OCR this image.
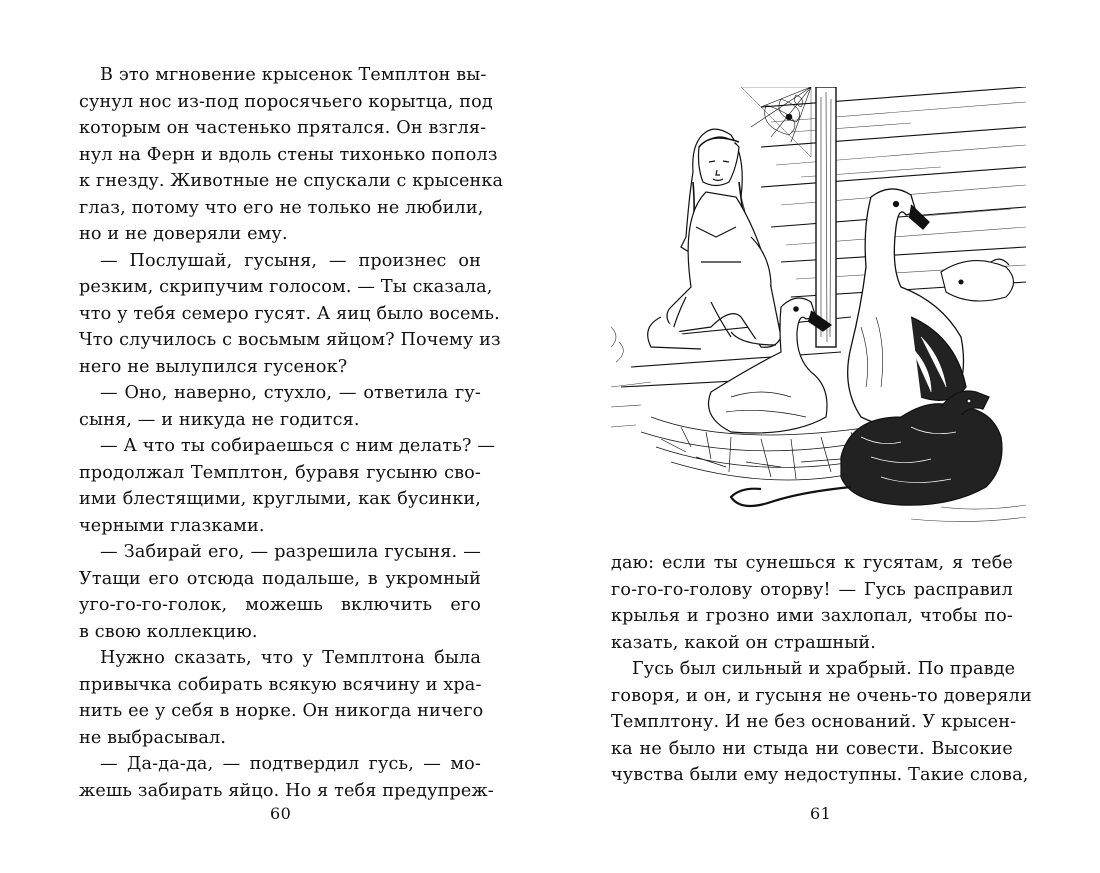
В это мгновение крысенок Темплтон вы-
сунул нос из-под поросячьего корытца, под
которым он частенько прятался. Он взгля-
нул на Ферн и вдоль стены тихонько пополз
к гнезду. Животные не спускали с крысенка
глаз, потому что его не только не любили,
но и не доверяли ему.
— Послушай, гусыня, — произнес он
резким, скрипучим голосом. — Ты сказала,
что у тебя семеро гусят. А яиц было восемь.
Что случилось с восьмым яйцом? Почему из
него не вылупился гусенок?
— Оно, наверно, стухло, — ответила гу-
сыня, — и никуда не годится.
— А что ты собираешься с ним делать? —
продолжал Темплтон, буравя гусыню сво-
ими блестящими, круглыми, как бусинки,
черными глазками.
— Забирай его, — разрешила гусыня. —
Утащи его отсюда подальше, в укромный
уго-го-го-голок, можешь включить его
в свою коллекцию.
Нужно сказать, что у Темплтона была
привычка собирать всякую всячину и хра-
нить ее у себя в норке. Он никогда ничего
не выбрасывал.
— Да-да-да, — подтвердил гусь, — мо-
жешь забирать яйцо. Но я тебя предупреж-
60
даю: если ты сунешься к гусятам, я тебе
го-го-го-голову оторву! — Гусь расправил
крылья и грозно ими захлопал, чтобы по-
казать, какой он страшный.
Гусь был сильный и храбрый. По правде
говоря, и он, и гусыня не очень-то доверяли
Темплтону. И не без оснований. У крысен-
ка не было ни стыда ни совести. Высокие
чувства были ему недоступны. Такие слова,
61
